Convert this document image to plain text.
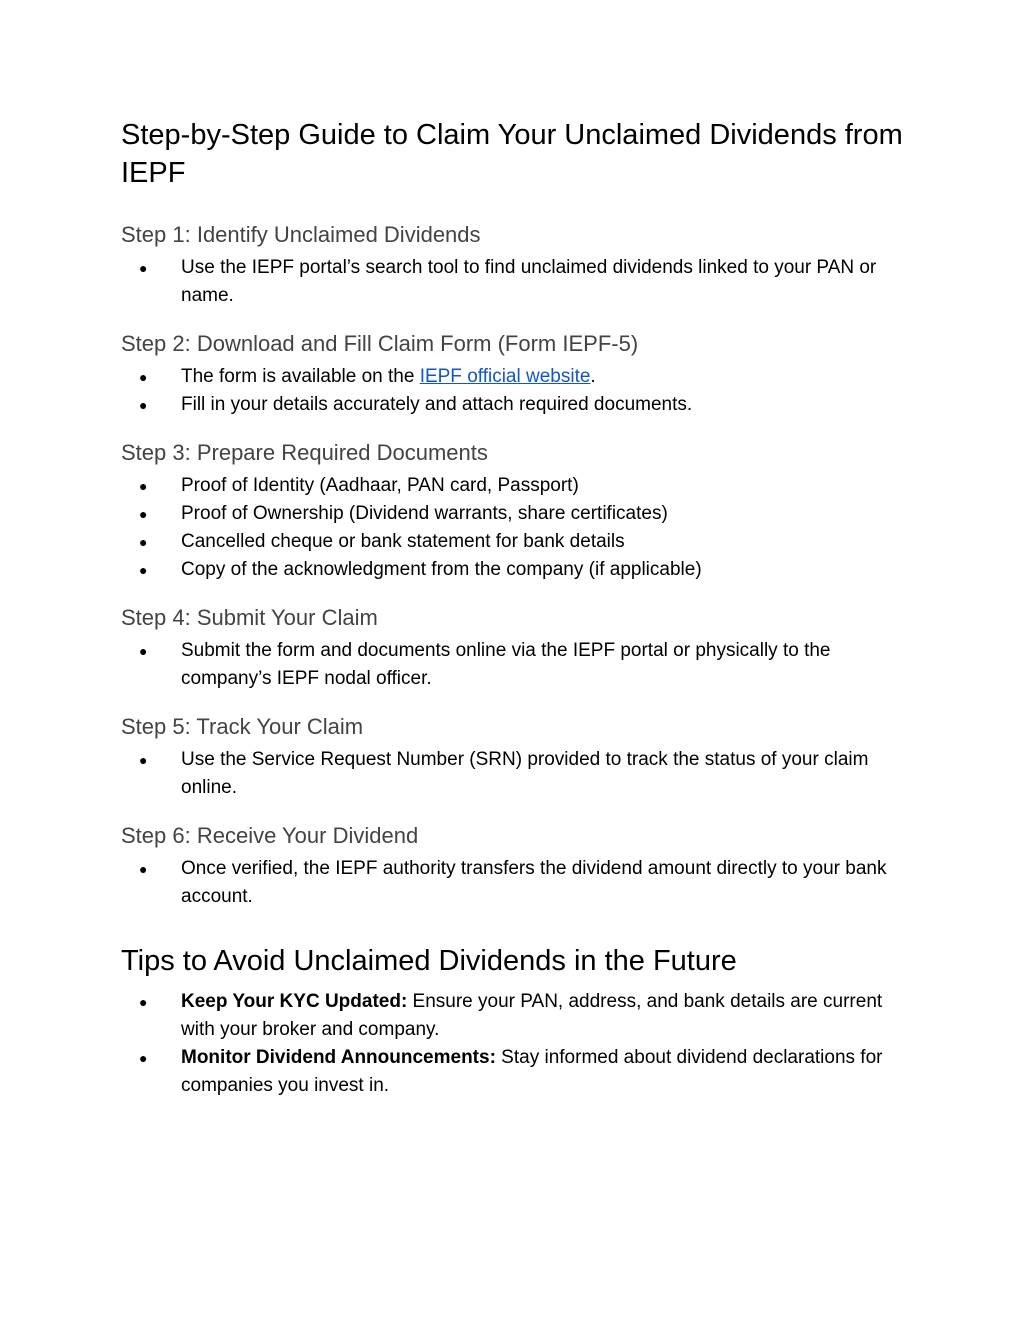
Step-by-Step Guide to Claim Your Unclaimed Dividends from IEPF
Step 1: Identify Unclaimed Dividends
● Use the IEPF portal’s search tool to find unclaimed dividends linked to your PAN or name.
Step 2: Download and Fill Claim Form (Form IEPF-5)
● The form is available on the IEPF official website.
● Fill in your details accurately and attach required documents.
Step 3: Prepare Required Documents
● Proof of Identity (Aadhaar, PAN card, Passport)
● Proof of Ownership (Dividend warrants, share certificates)
● Cancelled cheque or bank statement for bank details
● Copy of the acknowledgment from the company (if applicable)
Step 4: Submit Your Claim
● Submit the form and documents online via the IEPF portal or physically to the company’s IEPF nodal officer.
Step 5: Track Your Claim
● Use the Service Request Number (SRN) provided to track the status of your claim online.
Step 6: Receive Your Dividend
● Once verified, the IEPF authority transfers the dividend amount directly to your bank account.
Tips to Avoid Unclaimed Dividends in the Future
● Keep Your KYC Updated: Ensure your PAN, address, and bank details are current with your broker and company.
● Monitor Dividend Announcements: Stay informed about dividend declarations for companies you invest in.
